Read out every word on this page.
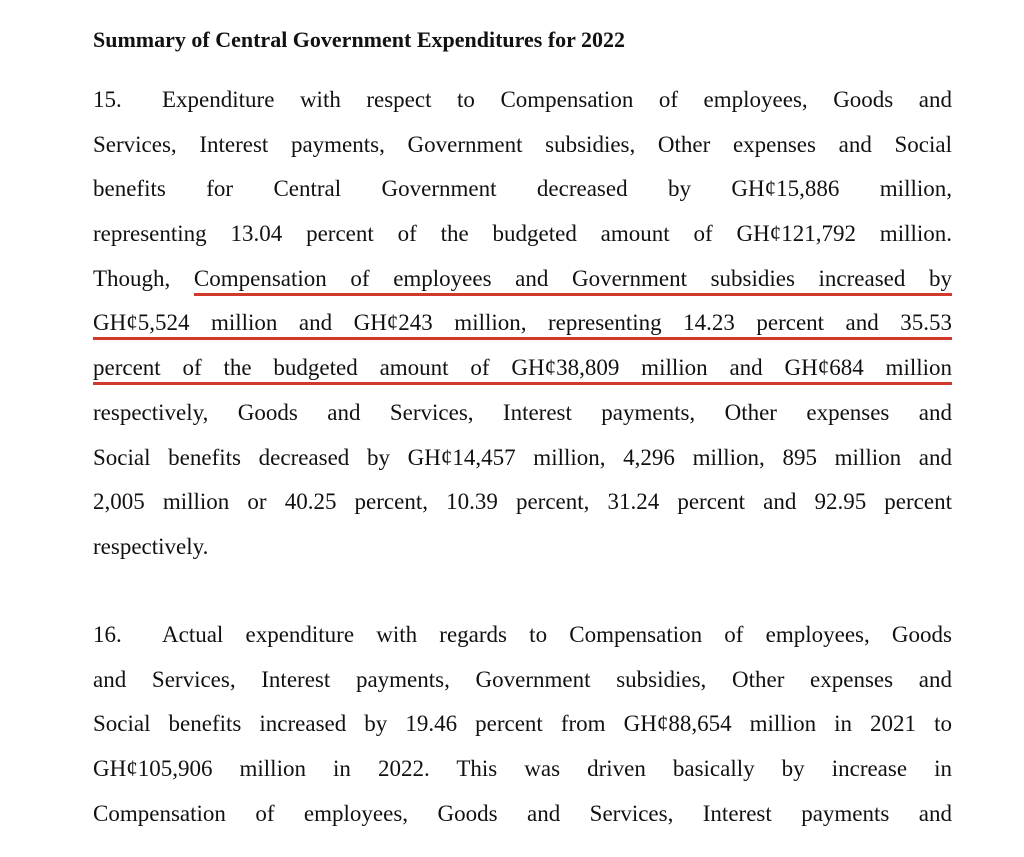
Summary of Central Government Expenditures for 2022
15. Expenditure with respect to Compensation of employees, Goods and
Services, Interest payments, Government subsidies, Other expenses and Social
benefits for Central Government decreased by GH¢15,886 million,
representing 13.04 percent of the budgeted amount of GH¢121,792 million.
Though, Compensation of employees and Government subsidies increased by
GH¢5,524 million and GH¢243 million, representing 14.23 percent and 35.53
percent of the budgeted amount of GH¢38,809 million and GH¢684 million
respectively, Goods and Services, Interest payments, Other expenses and
Social benefits decreased by GH¢14,457 million, 4,296 million, 895 million and
2,005 million or 40.25 percent, 10.39 percent, 31.24 percent and 92.95 percent
respectively.
16. Actual expenditure with regards to Compensation of employees, Goods
and Services, Interest payments, Government subsidies, Other expenses and
Social benefits increased by 19.46 percent from GH¢88,654 million in 2021 to
GH¢105,906 million in 2022. This was driven basically by increase in
Compensation of employees, Goods and Services, Interest payments and
